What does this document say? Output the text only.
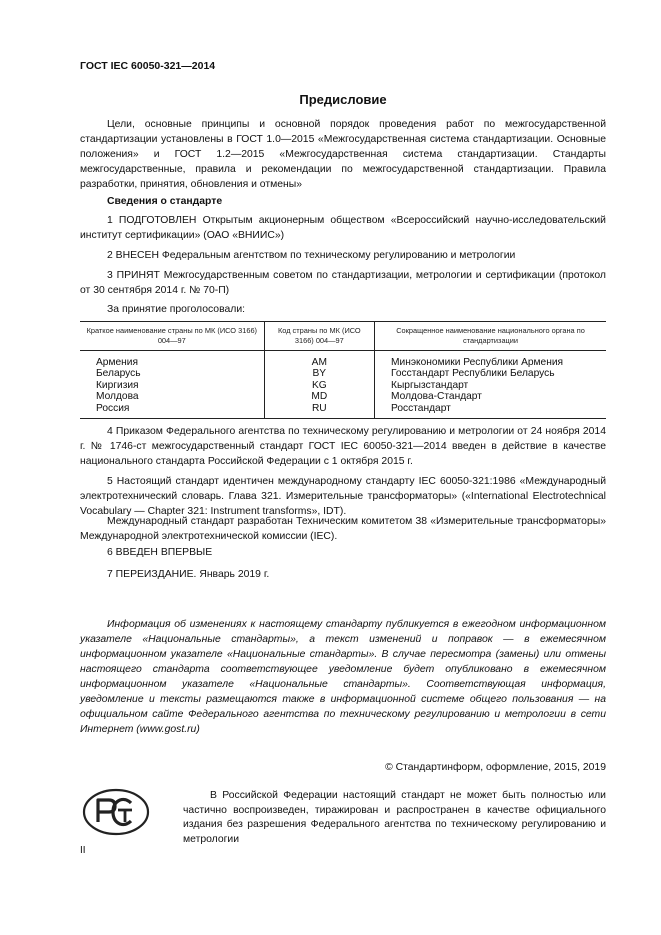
ГОСТ IEC 60050-321—2014
Предисловие

Цели, основные принципы и основной порядок проведения работ по межгосударственной стандартизации установлены в ГОСТ 1.0—2015 «Межгосударственная система стандартизации. Основные положения» и ГОСТ 1.2—2015 «Межгосударственная система стандартизации. Стандарты межгосударственные, правила и рекомендации по межгосударственной стандартизации. Правила разработки, принятия, обновления и отмены»

Сведения о стандарте

1 ПОДГОТОВЛЕН Открытым акционерным обществом «Всероссийский научно-исследовательский институт сертификации» (ОАО «ВНИИС»)

2 ВНЕСЕН Федеральным агентством по техническому регулированию и метрологии

3 ПРИНЯТ Межгосударственным советом по стандартизации, метрологии и сертификации (протокол от 30 сентября 2014 г. № 70-П)

За принятие проголосовали:

Краткое наименование страны по МК (ИСО 3166) 004—97	Код страны по МК (ИСО 3166) 004—97	Сокращенное наименование национального органа по стандартизации
Армения	AM	Минэкономики Республики Армения
Беларусь	BY	Госстандарт Республики Беларусь
Киргизия	KG	Кыргызстандарт
Молдова	MD	Молдова-Стандарт
Россия	RU	Росстандарт

4 Приказом Федерального агентства по техническому регулированию и метрологии от 24 ноября 2014 г. № 1746-ст межгосударственный стандарт ГОСТ IEC 60050-321—2014 введен в действие в качестве национального стандарта Российской Федерации с 1 октября 2015 г.

5 Настоящий стандарт идентичен международному стандарту IEC 60050-321:1986 «Международный электротехнический словарь. Глава 321. Измерительные трансформаторы» («International Electrotechnical Vocabulary — Chapter 321: Instrument transforms», IDT).

Международный стандарт разработан Техническим комитетом 38 «Измерительные трансформаторы» Международной электротехнической комиссии (IEC).

6 ВВЕДЕН ВПЕРВЫЕ

7 ПЕРЕИЗДАНИЕ. Январь 2019 г.

Информация об изменениях к настоящему стандарту публикуется в ежегодном информационном указателе «Национальные стандарты», а текст изменений и поправок — в ежемесячном информационном указателе «Национальные стандарты». В случае пересмотра (замены) или отмены настоящего стандарта соответствующее уведомление будет опубликовано в ежемесячном информационном указателе «Национальные стандарты». Соответствующая информация, уведомление и тексты размещаются также в информационной системе общего пользования — на официальном сайте Федерального агентства по техническому регулированию и метрологии в сети Интернет (www.gost.ru)

© Стандартинформ, оформление, 2015, 2019

В Российской Федерации настоящий стандарт не может быть полностью или частично воспроизведен, тиражирован и распространен в качестве официального издания без разрешения Федерального агентства по техническому регулированию и метрологии

II
